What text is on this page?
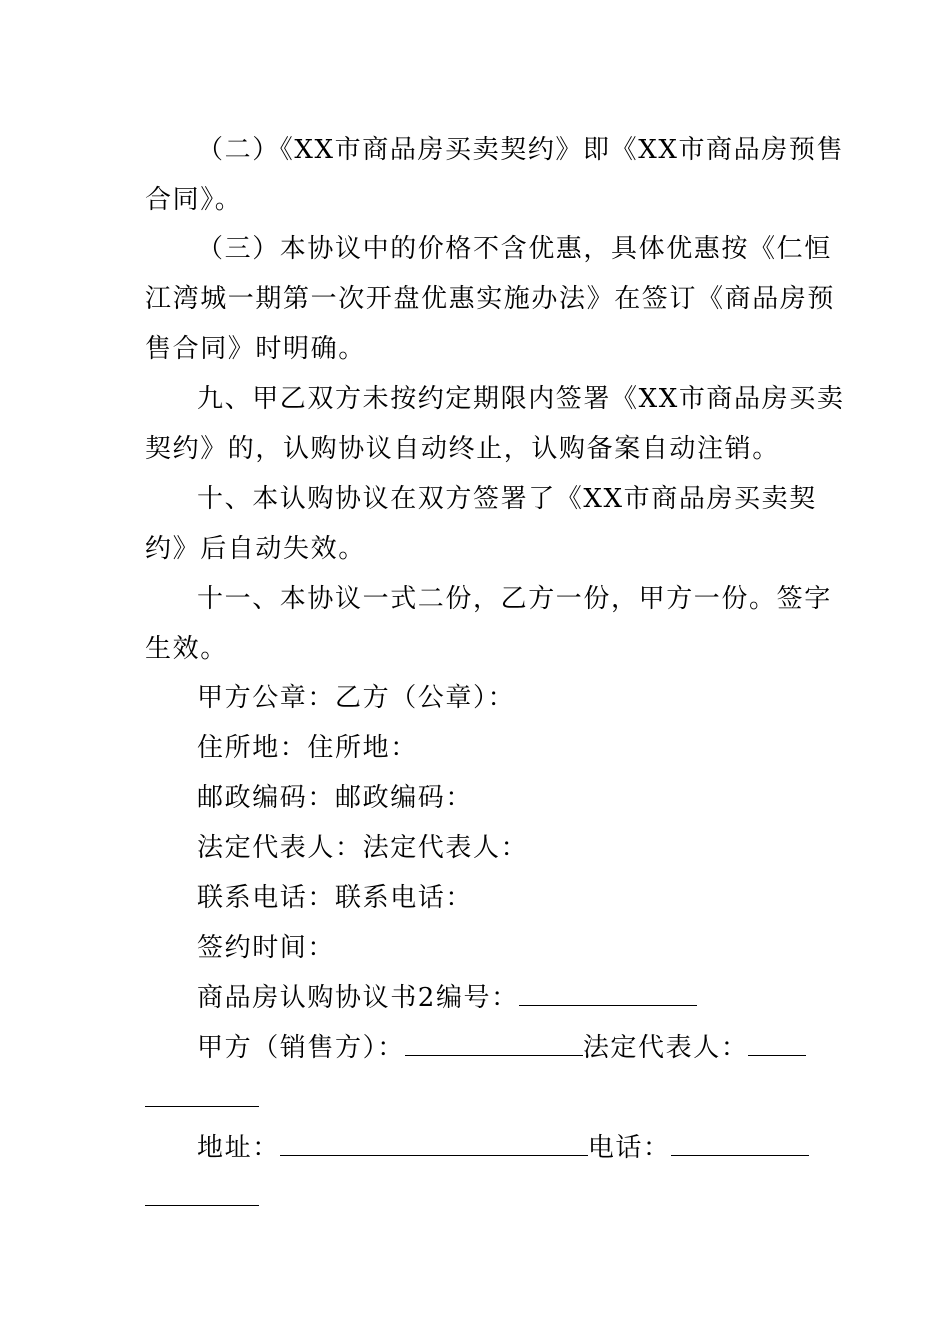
（二）《XX市商品房买卖契约》即《XX市商品房预售
合同》。
（三）本协议中的价格不含优惠，具体优惠按《仁恒
江湾城一期第一次开盘优惠实施办法》在签订《商品房预
售合同》时明确。
九、甲乙双方未按约定期限内签署《XX市商品房买卖
契约》的，认购协议自动终止，认购备案自动注销。
十、本认购协议在双方签署了《XX市商品房买卖契
约》后自动失效。
十一、本协议一式二份，乙方一份，甲方一份。签字
生效。
甲方公章：乙方（公章）：
住所地：住所地：
邮政编码：邮政编码：
法定代表人：法定代表人：
联系电话：联系电话：
签约时间：
商品房认购协议书2编号：
甲方（销售方）：	法定代表人：
地址：	电话：
